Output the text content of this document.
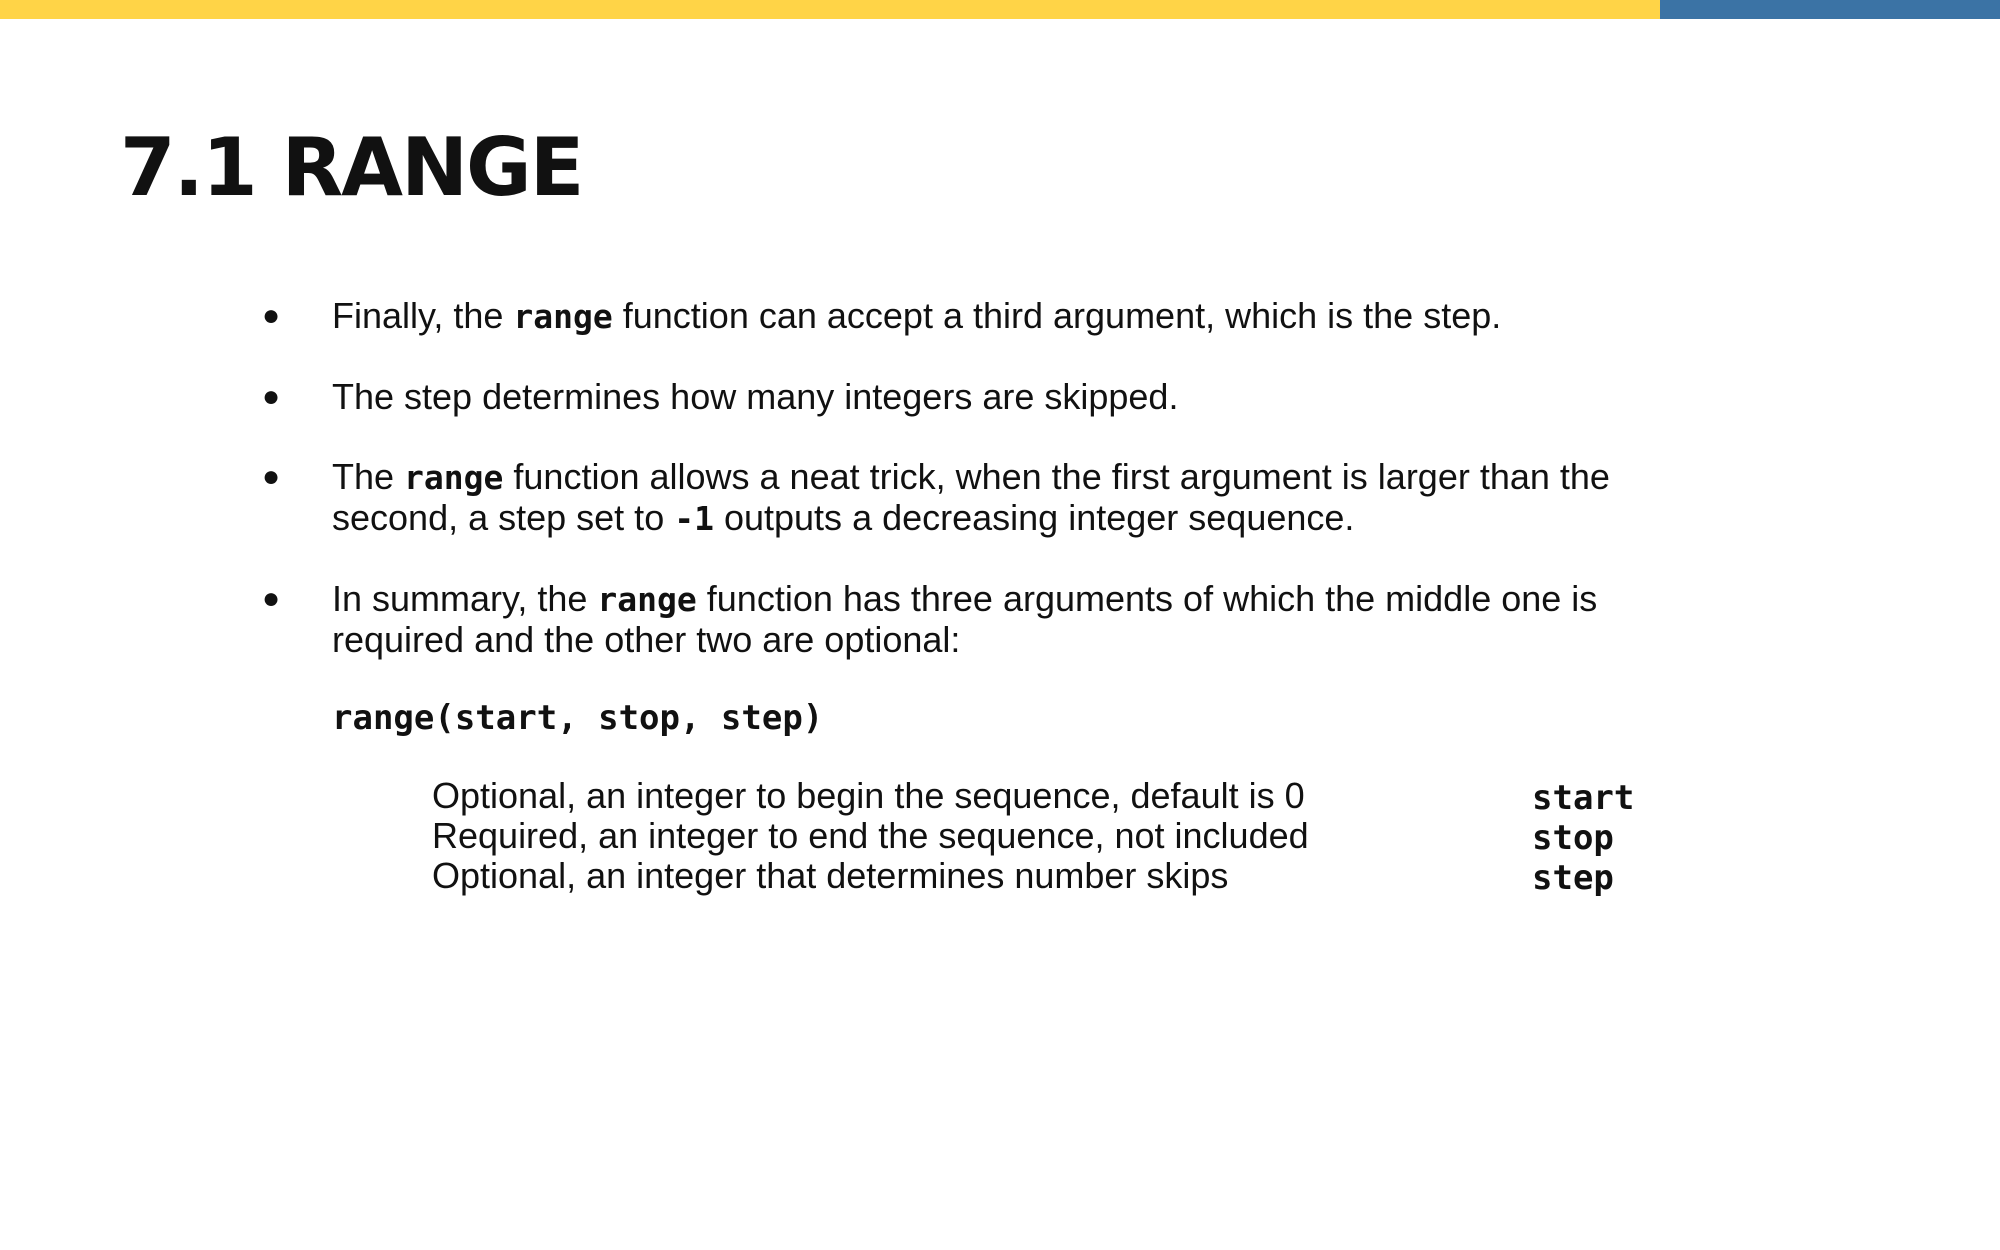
7.1 RANGE
● Finally, the range function can accept a third argument, which is the step.
● The step determines how many integers are skipped.
● The range function allows a neat trick, when the first argument is larger than the second, a step set to -1 outputs a decreasing integer sequence.
● In summary, the range function has three arguments of which the middle one is required and the other two are optional:

range(start, stop, step)

Optional, an integer to begin the sequence, default is 0	start
Required, an integer to end the sequence, not included	stop
Optional, an integer that determines number skips	step
